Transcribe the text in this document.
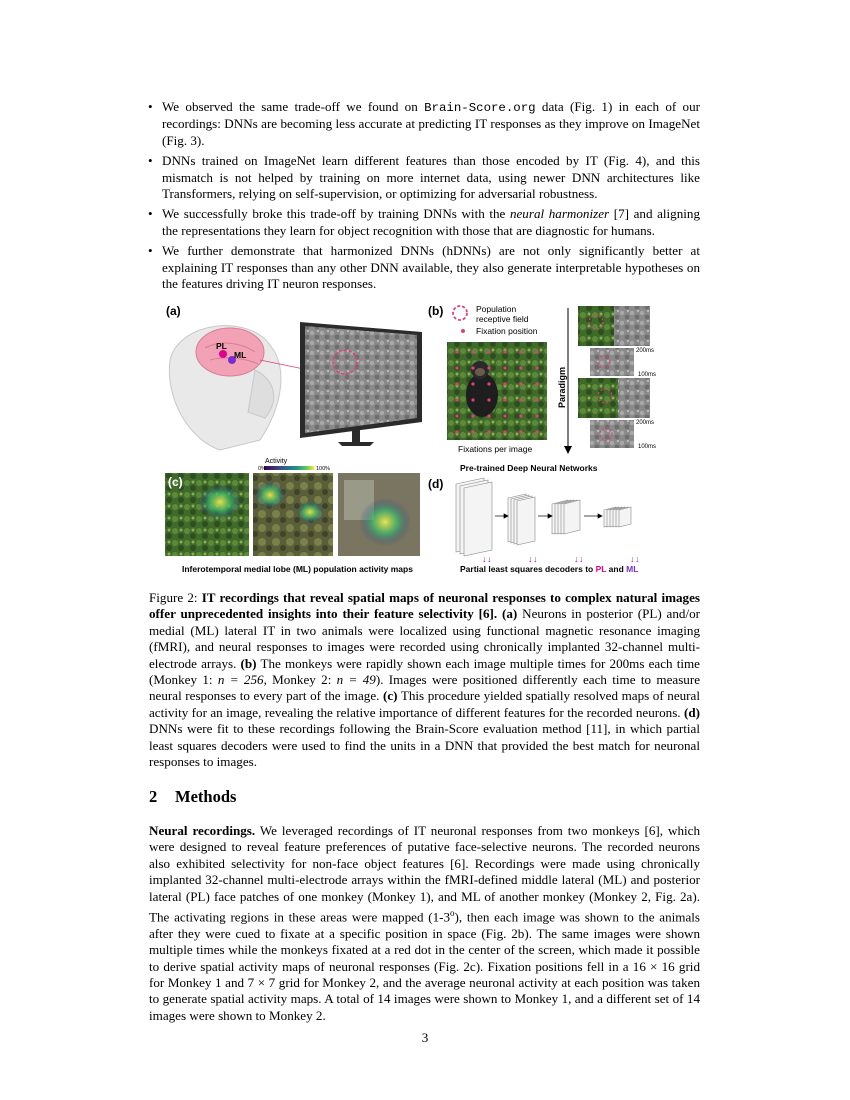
• We observed the same trade-off we found on Brain-Score.org data (Fig. 1) in each of our recordings: DNNs are becoming less accurate at predicting IT responses as they improve on ImageNet (Fig. 3).
• DNNs trained on ImageNet learn different features than those encoded by IT (Fig. 4), and this mismatch is not helped by training on more internet data, using newer DNN architectures like Transformers, relying on self-supervision, or optimizing for adversarial robustness.
• We successfully broke this trade-off by training DNNs with the neural harmonizer [7] and aligning the representations they learn for object recognition with those that are diagnostic for humans.
• We further demonstrate that harmonized DNNs (hDNNs) are not only significantly better at explaining IT responses than any other DNN available, they also generate interpretable hypotheses on the features driving IT neuron responses.
(a)
PL
ML
(b)	Population
receptive field
Fixation position
Fixations per image
Paradigm
200ms
100ms
200ms
100ms
Activity
0%	100%
(c)
Inferotemporal medial lobe (ML) population activity maps
Pre-trained Deep Neural Networks
(d)
↓ ↓	↓ ↓	↓ ↓	↓ ↓
Partial least squares decoders to PL and ML
Figure 2: IT recordings that reveal spatial maps of neuronal responses to complex natural images offer unprecedented insights into their feature selectivity [6]. (a) Neurons in posterior (PL) and/or medial (ML) lateral IT in two animals were localized using functional magnetic resonance imaging (fMRI), and neural responses to images were recorded using chronically implanted 32-channel multi-electrode arrays. (b) The monkeys were rapidly shown each image multiple times for 200ms each time (Monkey 1: n = 256, Monkey 2: n = 49). Images were positioned differently each time to measure neural responses to every part of the image. (c) This procedure yielded spatially resolved maps of neural activity for an image, revealing the relative importance of different features for the recorded neurons. (d) DNNs were fit to these recordings following the Brain-Score evaluation method [11], in which partial least squares decoders were used to find the units in a DNN that provided the best match for neuronal responses to images.
2 Methods
Neural recordings. We leveraged recordings of IT neuronal responses from two monkeys [6], which were designed to reveal feature preferences of putative face-selective neurons. The recorded neurons also exhibited selectivity for non-face object features [6]. Recordings were made using chronically implanted 32-channel multi-electrode arrays within the fMRI-defined middle lateral (ML) and posterior lateral (PL) face patches of one monkey (Monkey 1), and ML of another monkey (Monkey 2, Fig. 2a). The activating regions in these areas were mapped (1-3$^o$), then each image was shown to the animals after they were cued to fixate at a specific position in space (Fig. 2b). The same images were shown multiple times while the monkeys fixated at a red dot in the center of the screen, which made it possible to derive spatial activity maps of neuronal responses (Fig. 2c). Fixation positions fell in a 16 × 16 grid for Monkey 1 and 7 × 7 grid for Monkey 2, and the average neuronal activity at each position was taken to generate spatial activity maps. A total of 14 images were shown to Monkey 1, and a different set of 14 images were shown to Monkey 2.
3
